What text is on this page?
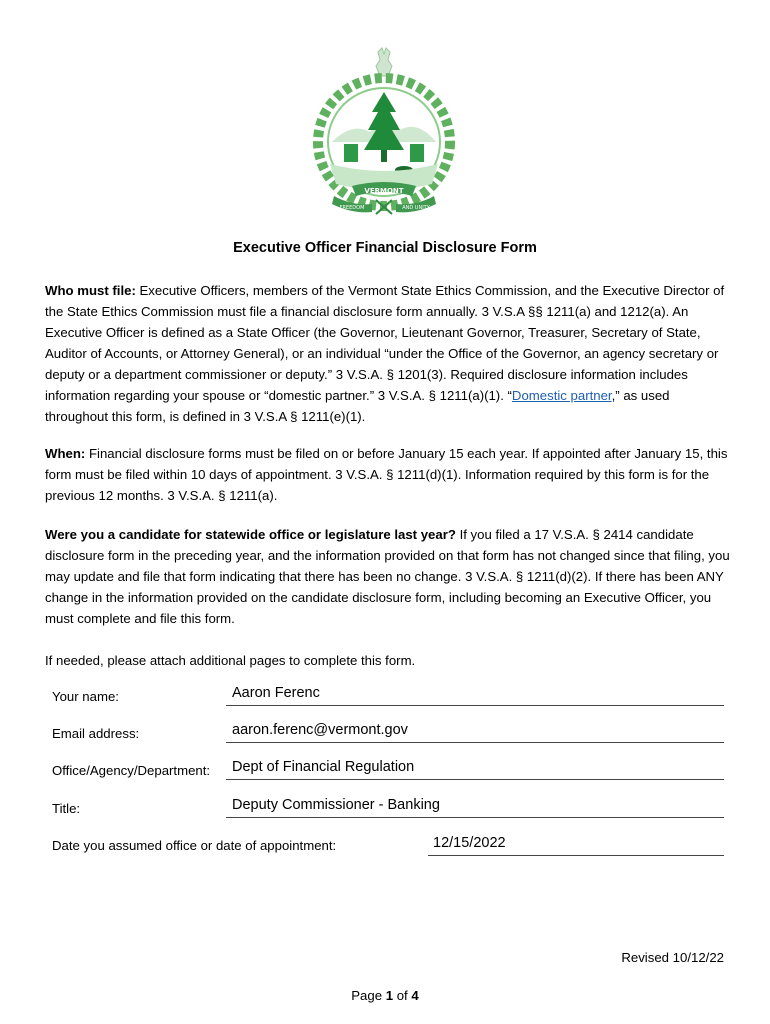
VERMONT
FREEDOM	AND UNITY
Executive Officer Financial Disclosure Form
Who must file: Executive Officers, members of the Vermont State Ethics Commission, and the Executive Director of the State Ethics Commission must file a financial disclosure form annually. 3 V.S.A §§ 1211(a) and 1212(a). An Executive Officer is defined as a State Officer (the Governor, Lieutenant Governor, Treasurer, Secretary of State, Auditor of Accounts, or Attorney General), or an individual “under the Office of the Governor, an agency secretary or deputy or a department commissioner or deputy.” 3 V.S.A. § 1201(3). Required disclosure information includes information regarding your spouse or “domestic partner.” 3 V.S.A. § 1211(a)(1). “Domestic partner,” as used throughout this form, is defined in 3 V.S.A § 1211(e)(1).
When: Financial disclosure forms must be filed on or before January 15 each year. If appointed after January 15, this form must be filed within 10 days of appointment. 3 V.S.A. § 1211(d)(1). Information required by this form is for the previous 12 months. 3 V.S.A. § 1211(a).
Were you a candidate for statewide office or legislature last year? If you filed a 17 V.S.A. § 2414 candidate disclosure form in the preceding year, and the information provided on that form has not changed since that filing, you may update and file that form indicating that there has been no change. 3 V.S.A. § 1211(d)(2). If there has been ANY change in the information provided on the candidate disclosure form, including becoming an Executive Officer, you must complete and file this form.
If needed, please attach additional pages to complete this form.
Your name:	Aaron Ferenc
Email address:	aaron.ferenc@vermont.gov
Office/Agency/Department: Dept of Financial Regulation
Title:	Deputy Commissioner - Banking
Date you assumed office or date of appointment:	12/15/2022
Revised 10/12/22
Page 1 of 4
